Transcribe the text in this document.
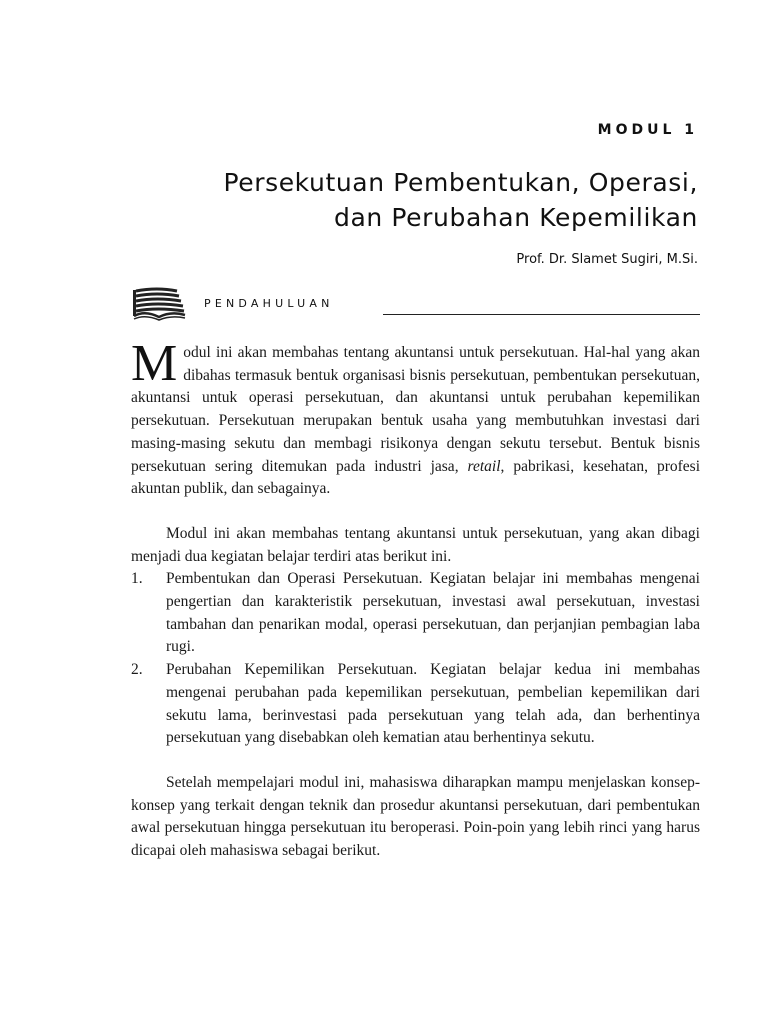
MODUL 1
Persekutuan Pembentukan, Operasi,
dan Perubahan Kepemilikan
Prof. Dr. Slamet Sugiri, M.Si.
PENDAHULUAN

Modul ini akan membahas tentang akuntansi untuk persekutuan. Hal-hal yang akan dibahas termasuk bentuk organisasi bisnis persekutuan, pembentukan persekutuan, akuntansi untuk operasi persekutuan, dan akuntansi untuk perubahan kepemilikan persekutuan. Persekutuan merupakan bentuk usaha yang membutuhkan investasi dari masing-masing sekutu dan membagi risikonya dengan sekutu tersebut. Bentuk bisnis persekutuan sering ditemukan pada industri jasa, retail, pabrikasi, kesehatan, profesi akuntan publik, dan sebagainya.

Modul ini akan membahas tentang akuntansi untuk persekutuan, yang akan dibagi menjadi dua kegiatan belajar terdiri atas berikut ini.

1. Pembentukan dan Operasi Persekutuan. Kegiatan belajar ini membahas mengenai pengertian dan karakteristik persekutuan, investasi awal persekutuan, investasi tambahan dan penarikan modal, operasi persekutuan, dan perjanjian pembagian laba rugi.
2. Perubahan Kepemilikan Persekutuan. Kegiatan belajar kedua ini membahas mengenai perubahan pada kepemilikan persekutuan, pembelian kepemilikan dari sekutu lama, berinvestasi pada persekutuan yang telah ada, dan berhentinya persekutuan yang disebabkan oleh kematian atau berhentinya sekutu.

Setelah mempelajari modul ini, mahasiswa diharapkan mampu menjelaskan konsep-konsep yang terkait dengan teknik dan prosedur akuntansi persekutuan, dari pembentukan awal persekutuan hingga persekutuan itu beroperasi. Poin-poin yang lebih rinci yang harus dicapai oleh mahasiswa sebagai berikut.
